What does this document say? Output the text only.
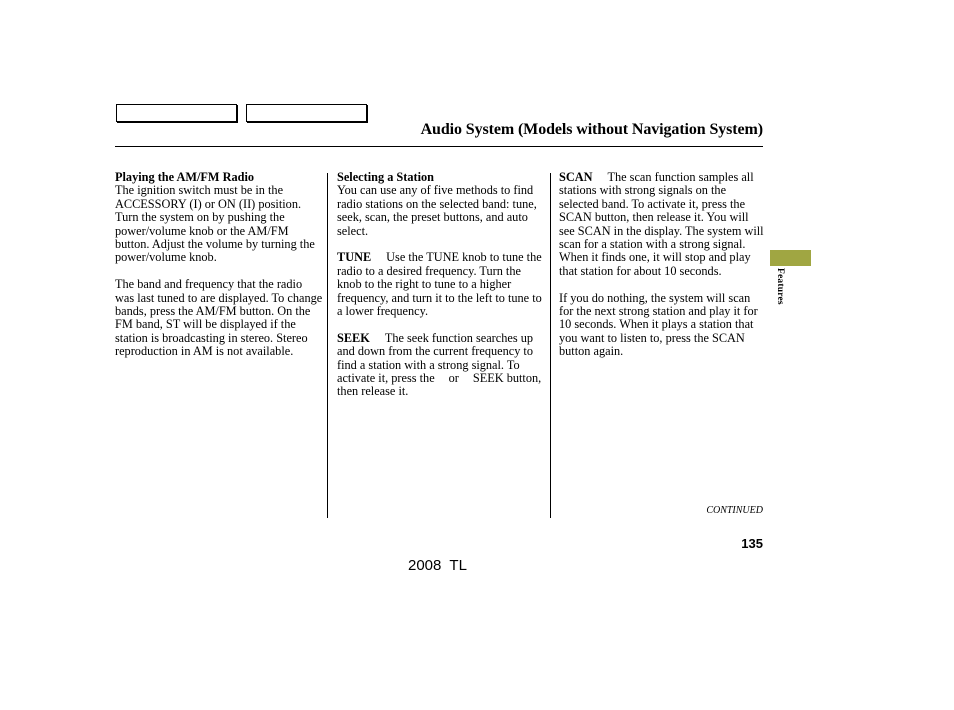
Audio System (Models without Navigation System)

Playing the AM/FM Radio
The ignition switch must be in the ACCESSORY (I) or ON (II) position. Turn the system on by pushing the power/volume knob or the AM/FM button. Adjust the volume by turning the power/volume knob.

The band and frequency that the radio was last tuned to are displayed. To change bands, press the AM/FM button. On the FM band, ST will be displayed if the station is broadcasting in stereo. Stereo reproduction in AM is not available.

Selecting a Station
You can use any of five methods to find radio stations on the selected band: tune, seek, scan, the preset buttons, and auto select.

TUNE Use the TUNE knob to tune the radio to a desired frequency. Turn the knob to the right to tune to a higher frequency, and turn it to the left to tune to a lower frequency.

SEEK The seek function searches up and down from the current frequency to find a station with a strong signal. To activate it, press the or SEEK button, then release it.

SCAN The scan function samples all stations with strong signals on the selected band. To activate it, press the SCAN button, then release it. You will see SCAN in the display. The system will scan for a station with a strong signal. When it finds one, it will stop and play that station for about 10 seconds.

If you do nothing, the system will scan for the next strong station and play it for 10 seconds. When it plays a station that you want to listen to, press the SCAN button again.

Features
CONTINUED
135
2008  TL
